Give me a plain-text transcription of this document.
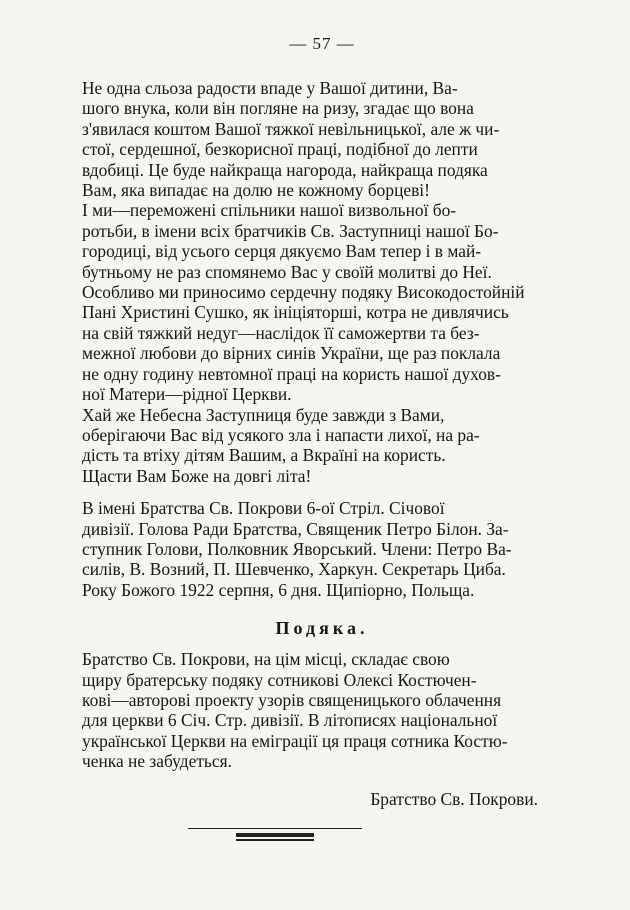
— 57 —

Не одна сльоза радости впаде у Вашої дитини, Ва-
шого внука, коли він погляне на ризу, згадає що вона
з'явилася коштом Вашої тяжкої невільницької, але ж чи-
стої, сердешної, безкорисної праці, подібної до лепти
вдобиці. Це буде найкраща нагорода, найкраща подяка
Вам, яка випадає на долю не кожному борцеві!

І ми—переможені спільники нашої визвольної бо-
ротьби, в імени всіх братчиків Св. Заступниці нашої Бо-
городиці, від усього серця дякуємо Вам тепер і в май-
бутньому не раз спомянемо Вас у своїй молитві до Неї.
Особливо ми приносимо сердечну подяку Високодостойній
Пані Христині Сушко, як ініціяторші, котра не дивлячись
на свій тяжкий недуг—наслідок її саможертви та без-
межної любови до вірних синів України, ще раз поклала
не одну годину невтомної праці на користь нашої духов-
ної Матери—рідної Церкви.

Хай же Небесна Заступниця буде завжди з Вами,
оберігаючи Вас від усякого зла і напасти лихої, на ра-
дість та втіху дітям Вашим, а Вкраїні на користь.
Щасти Вам Боже на довгі літа!

В імені Братства Св. Покрови 6-ої Стріл. Січової
дивізії. Голова Ради Братства, Священик Петро Білон. За-
ступник Голови, Полковник Яворський. Члени: Петро Ва-
силів, В. Возний, П. Шевченко, Харкун. Секретарь Циба.
Року Божого 1922 серпня, 6 дня. Щипіорно, Польща.

Подяка.

Братство Св. Покрови, на цім місці, складає свою
щиру братерську подяку сотникові Олексі Костючен-
кові—авторові проекту узорів священицького облачення
для церкви 6 Січ. Стр. дивізії. В літописях національної
української Церкви на еміграції ця праця сотника Костю-
ченка не забудеться.

Братство Св. Покрови.
